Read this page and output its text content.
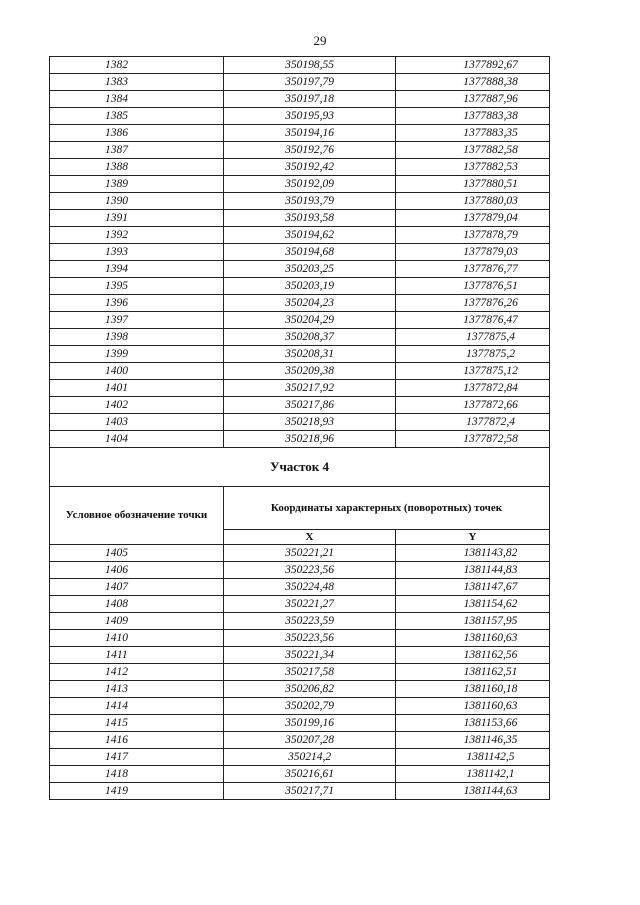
29
1382	350198,55	1377892,67
1383	350197,79	1377888,38
1384	350197,18	1377887,96
1385	350195,93	1377883,38
1386	350194,16	1377883,35
1387	350192,76	1377882,58
1388	350192,42	1377882,53
1389	350192,09	1377880,51
1390	350193,79	1377880,03
1391	350193,58	1377879,04
1392	350194,62	1377878,79
1393	350194,68	1377879,03
1394	350203,25	1377876,77
1395	350203,19	1377876,51
1396	350204,23	1377876,26
1397	350204,29	1377876,47
1398	350208,37	1377875,4
1399	350208,31	1377875,2
1400	350209,38	1377875,12
1401	350217,92	1377872,84
1402	350217,86	1377872,66
1403	350218,93	1377872,4
1404	350218,96	1377872,58
Участок 4		
Условное обозначение точки	Координаты характерных (поворотных) точек	
	X	Y
1405	350221,21	1381143,82
1406	350223,56	1381144,83
1407	350224,48	1381147,67
1408	350221,27	1381154,62
1409	350223,59	1381157,95
1410	350223,56	1381160,63
1411	350221,34	1381162,56
1412	350217,58	1381162,51
1413	350206,82	1381160,18
1414	350202,79	1381160,63
1415	350199,16	1381153,66
1416	350207,28	1381146,35
1417	350214,2	1381142,5
1418	350216,61	1381142,1
1419	350217,71	1381144,63
